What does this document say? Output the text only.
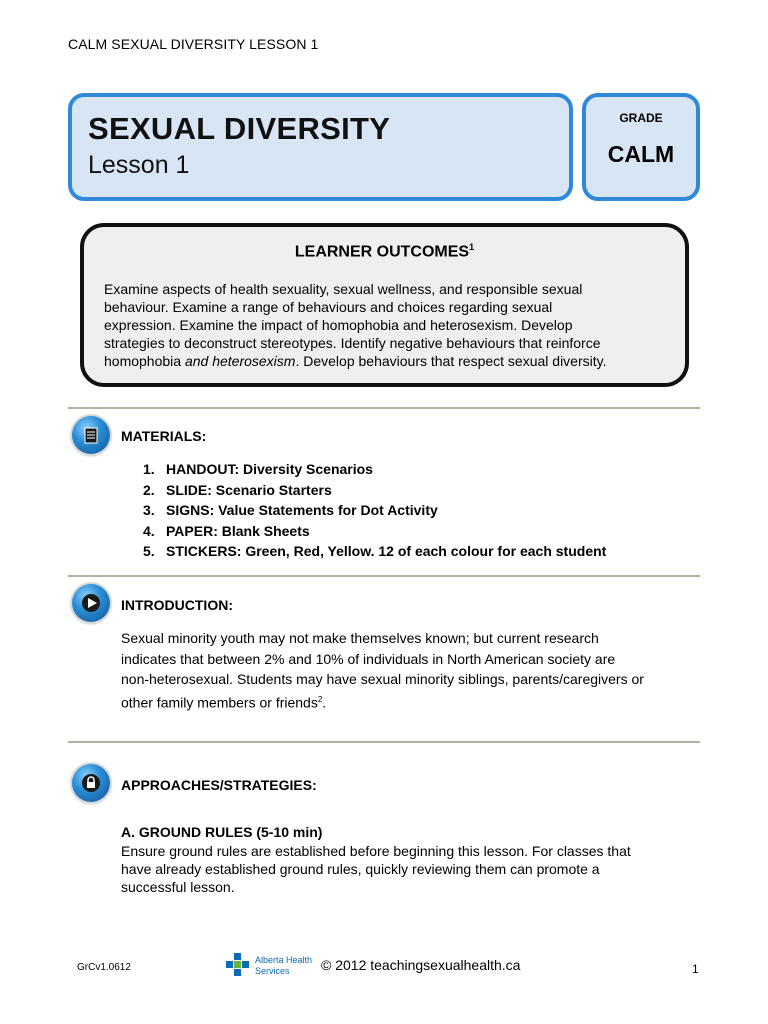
CALM SEXUAL DIVERSITY LESSON 1
SEXUAL DIVERSITY
Lesson 1
GRADE
CALM
LEARNER OUTCOMES$^1$
Examine aspects of health sexuality, sexual wellness, and responsible sexual
behaviour. Examine a range of behaviours and choices regarding sexual
expression. Examine the impact of homophobia and heterosexism. Develop
strategies to deconstruct stereotypes. Identify negative behaviours that reinforce
homophobia and heterosexism. Develop behaviours that respect sexual diversity.
MATERIALS:
1. HANDOUT: Diversity Scenarios
2. SLIDE: Scenario Starters
3. SIGNS: Value Statements for Dot Activity
4. PAPER: Blank Sheets
5. STICKERS: Green, Red, Yellow. 12 of each colour for each student
INTRODUCTION:
Sexual minority youth may not make themselves known; but current research
indicates that between 2% and 10% of individuals in North American society are
non-heterosexual. Students may have sexual minority siblings, parents/caregivers or
other family members or friends$^2$.
APPROACHES/STRATEGIES:
A. GROUND RULES (5-10 min)
Ensure ground rules are established before beginning this lesson. For classes that
have already established ground rules, quickly reviewing them can promote a
successful lesson.
GrCv1.0612
Alberta Health
Services © 2012 teachingsexualhealth.ca	1
